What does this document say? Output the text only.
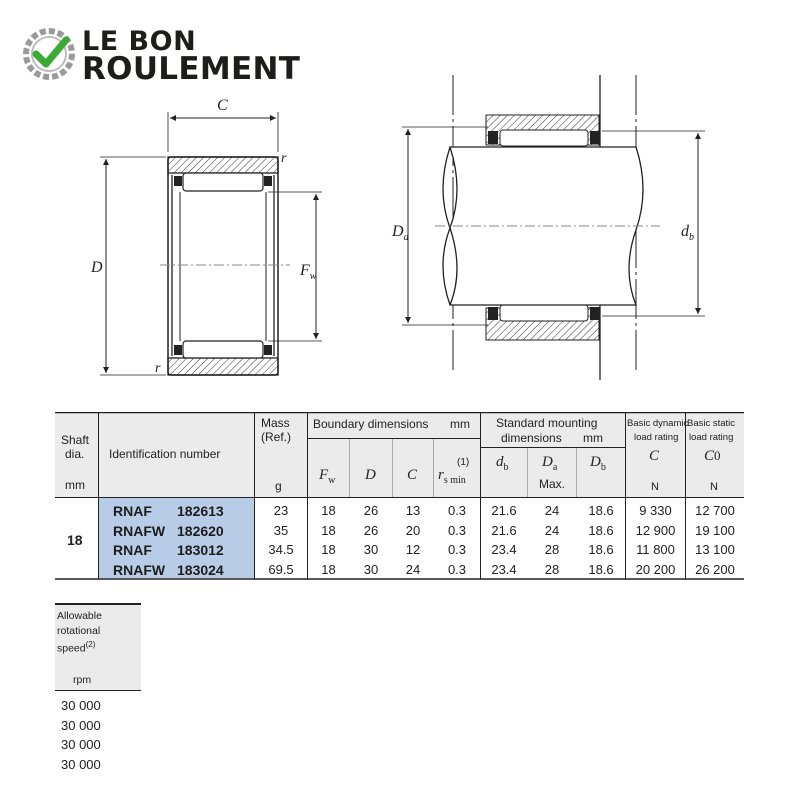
LE BON
ROULEMENT
C
r
r
D	$F_w$
$D_a$	$d_b$
Shaft
dia.
mm
Identification number
Mass
(Ref.)
g
Boundary dimensions mm
$F_w$ D C
(1)
$r_{s min}$
Standard mounting
dimensions mm
$d_b$ $D_a$
Max.
$D_b$
Basic dynamic
load rating
C
N
Basic static
load rating
C0
N
18
RNAF 182613	23	18	26	13	0.3	21.6	24	18.6	9 330	12 700
RNAFW 182620	35	18	26	20	0.3	21.6	24	18.6	12 900	19 100
RNAF 183012	34.5	18	30	12	0.3	23.4	28	18.6	11 800	13 100
RNAFW 183024	69.5	18	30	24	0.3	23.4	28	18.6	20 200	26 200
Allowable
rotational
speed$^{(2)}$
rpm
30 000
30 000
30 000
30 000
